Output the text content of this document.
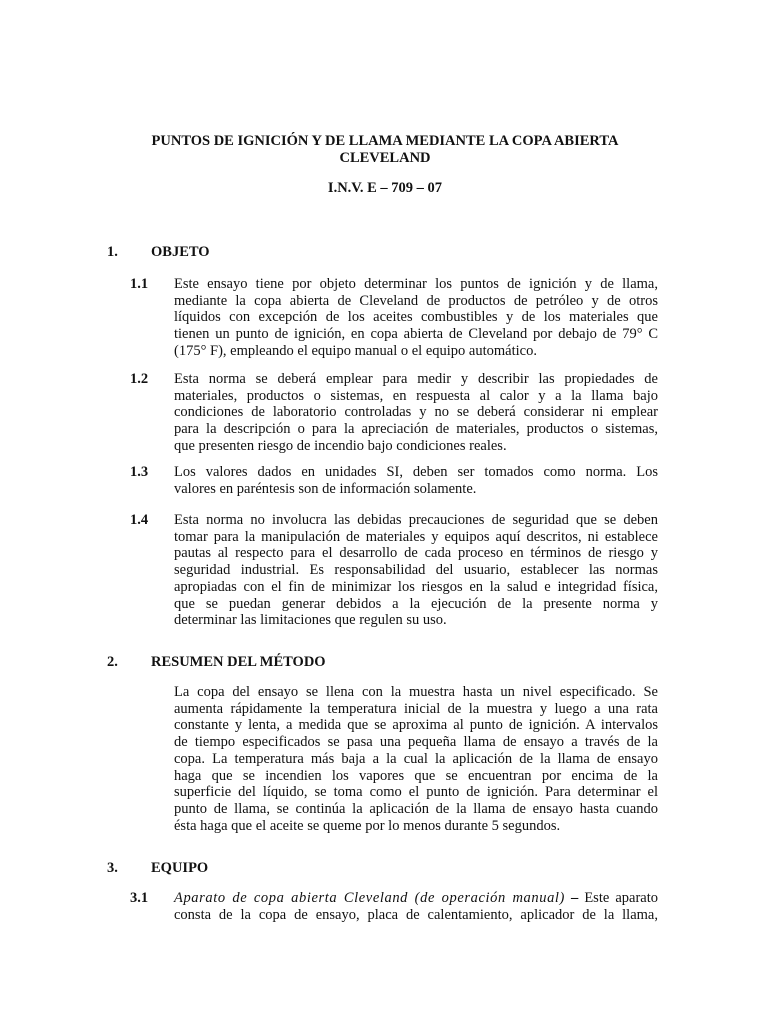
PUNTOS DE IGNICIÓN Y DE LLAMA MEDIANTE LA COPA ABIERTA
CLEVELAND
I.N.V. E – 709 – 07
1. OBJETO
1.1 Este ensayo tiene por objeto determinar los puntos de ignición y de llama,
mediante la copa abierta de Cleveland de productos de petróleo y de otros
líquidos con excepción de los aceites combustibles y de los materiales que
tienen un punto de ignición, en copa abierta de Cleveland por debajo de 79° C
(175° F), empleando el equipo manual o el equipo automático.
1.2 Esta norma se deberá emplear para medir y describir las propiedades de
materiales, productos o sistemas, en respuesta al calor y a la llama bajo
condiciones de laboratorio controladas y no se deberá considerar ni emplear
para la descripción o para la apreciación de materiales, productos o sistemas,
que presenten riesgo de incendio bajo condiciones reales.
1.3 Los valores dados en unidades SI, deben ser tomados como norma. Los
valores en paréntesis son de información solamente.
1.4 Esta norma no involucra las debidas precauciones de seguridad que se deben
tomar para la manipulación de materiales y equipos aquí descritos, ni establece
pautas al respecto para el desarrollo de cada proceso en términos de riesgo y
seguridad industrial. Es responsabilidad del usuario, establecer las normas
apropiadas con el fin de minimizar los riesgos en la salud e integridad física,
que se puedan generar debidos a la ejecución de la presente norma y
determinar las limitaciones que regulen su uso.
2. RESUMEN DEL MÉTODO
La copa del ensayo se llena con la muestra hasta un nivel especificado. Se
aumenta rápidamente la temperatura inicial de la muestra y luego a una rata
constante y lenta, a medida que se aproxima al punto de ignición. A intervalos
de tiempo especificados se pasa una pequeña llama de ensayo a través de la
copa. La temperatura más baja a la cual la aplicación de la llama de ensayo
haga que se incendien los vapores que se encuentran por encima de la
superficie del líquido, se toma como el punto de ignición. Para determinar el
punto de llama, se continúa la aplicación de la llama de ensayo hasta cuando
ésta haga que el aceite se queme por lo menos durante 5 segundos.
3. EQUIPO
3.1 Aparato de copa abierta Cleveland (de operación manual) – Este aparato
consta de la copa de ensayo, placa de calentamiento, aplicador de la llama,
